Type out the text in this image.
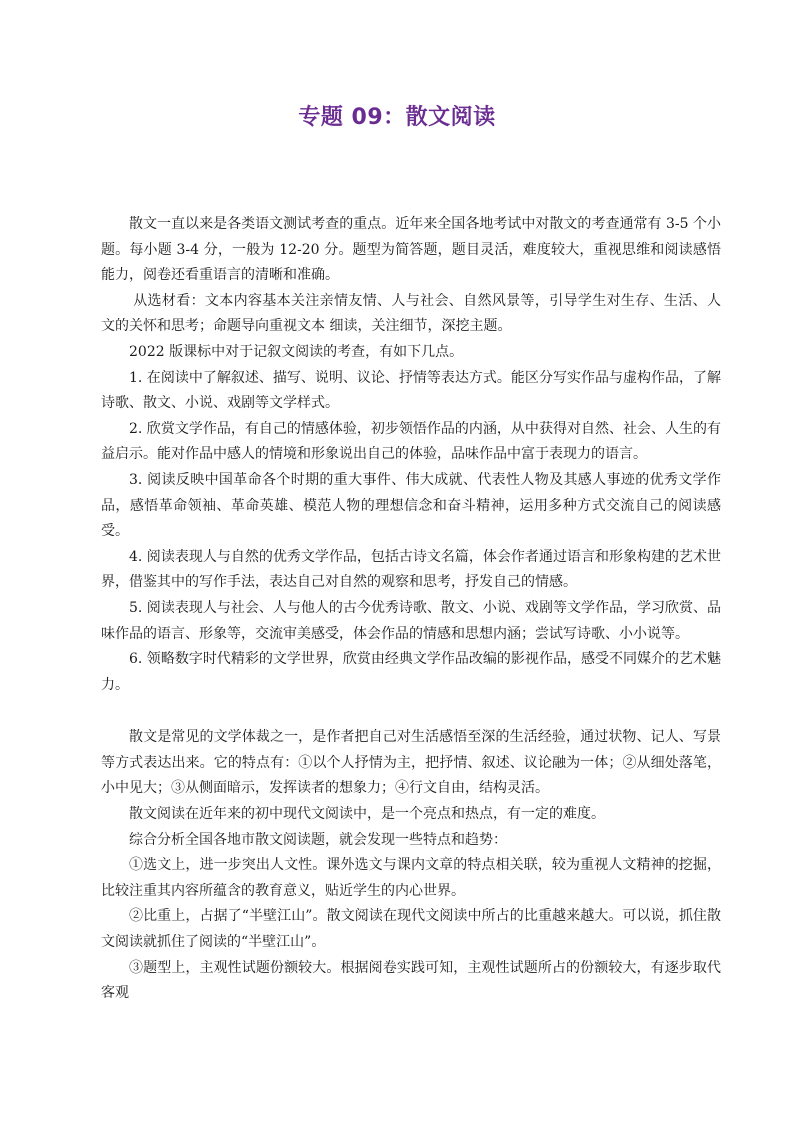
专题 09：散文阅读

散文一直以来是各类语文测试考查的重点。近年来全国各地考试中对散文的考查通常有 3-5 个小题。每小题 3-4 分，一般为 12-20 分。题型为简答题，题目灵活，难度较大，重视思维和阅读感悟能力，阅卷还看重语言的清晰和准确。

从选材看：文本内容基本关注亲情友情、人与社会、自然风景等，引导学生对生存、生活、人文的关怀和思考；命题导向重视文本 细读，关注细节，深挖主题。

2022 版课标中对于记叙文阅读的考查，有如下几点。

1. 在阅读中了解叙述、描写、说明、议论、抒情等表达方式。能区分写实作品与虚构作品，了解诗歌、散文、小说、戏剧等文学样式。

2. 欣赏文学作品，有自己的情感体验，初步领悟作品的内涵，从中获得对自然、社会、人生的有益启示。能对作品中感人的情境和形象说出自己的体验，品味作品中富于表现力的语言。

3. 阅读反映中国革命各个时期的重大事件、伟大成就、代表性人物及其感人事迹的优秀文学作品，感悟革命领袖、革命英雄、模范人物的理想信念和奋斗精神，运用多种方式交流自己的阅读感受。

4. 阅读表现人与自然的优秀文学作品，包括古诗文名篇，体会作者通过语言和形象构建的艺术世界，借鉴其中的写作手法，表达自己对自然的观察和思考，抒发自己的情感。

5. 阅读表现人与社会、人与他人的古今优秀诗歌、散文、小说、戏剧等文学作品，学习欣赏、品味作品的语言、形象等，交流审美感受，体会作品的情感和思想内涵；尝试写诗歌、小小说等。

6. 领略数字时代精彩的文学世界，欣赏由经典文学作品改编的影视作品，感受不同媒介的艺术魅力。

散文是常见的文学体裁之一，是作者把自己对生活感悟至深的生活经验，通过状物、记人、写景等方式表达出来。它的特点有：①以个人抒情为主，把抒情、叙述、议论融为一体；②从细处落笔，小中见大；③从侧面暗示，发挥读者的想象力；④行文自由，结构灵活。

散文阅读在近年来的初中现代文阅读中，是一个亮点和热点，有一定的难度。

综合分析全国各地市散文阅读题，就会发现一些特点和趋势：

①选文上，进一步突出人文性。课外选文与课内文章的特点相关联，较为重视人文精神的挖掘，比较注重其内容所蕴含的教育意义，贴近学生的内心世界。

②比重上，占据了“半壁江山”。散文阅读在现代文阅读中所占的比重越来越大。可以说，抓住散文阅读就抓住了阅读的“半壁江山”。

③题型上，主观性试题份额较大。根据阅卷实践可知，主观性试题所占的份额较大，有逐步取代客观
